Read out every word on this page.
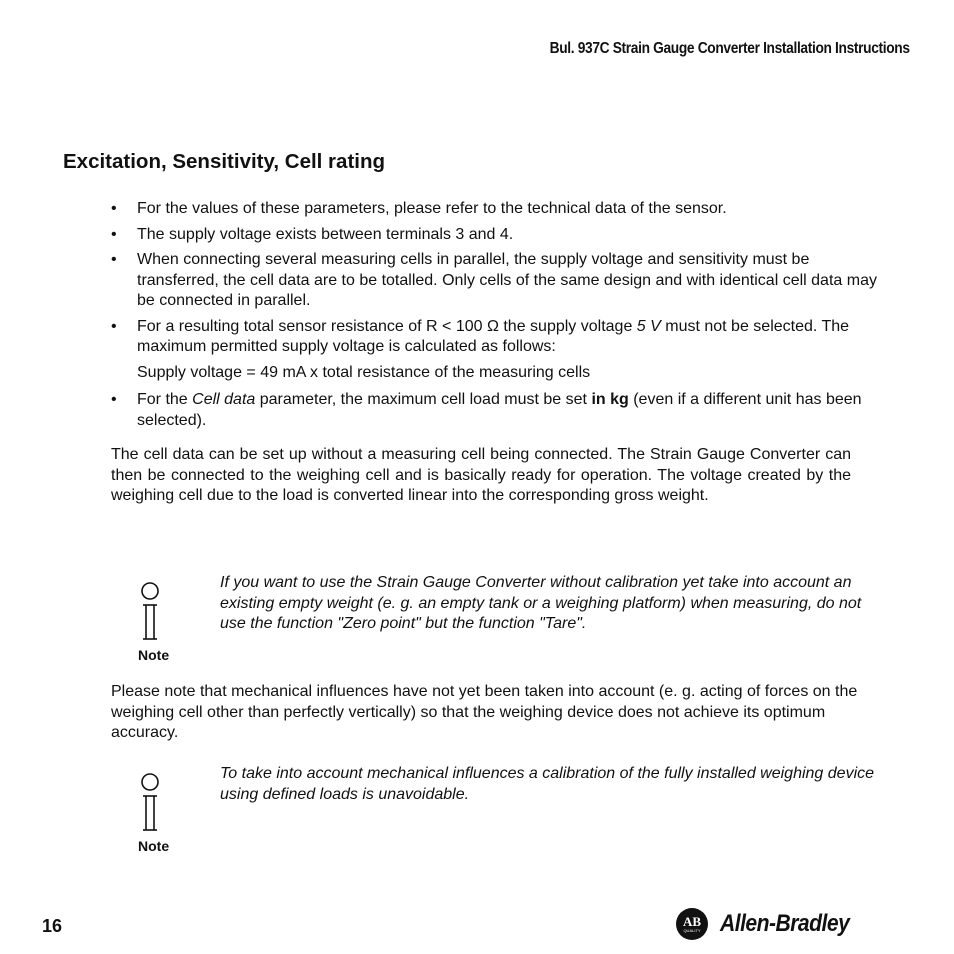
Bul. 937C Strain Gauge Converter Installation Instructions
Excitation, Sensitivity, Cell rating
• For the values of these parameters, please refer to the technical data of the sensor.
• The supply voltage exists between terminals 3 and 4.
• When connecting several measuring cells in parallel, the supply voltage and sensitivity must be transferred, the cell data are to be totalled. Only cells of the same design and with identical cell data may be connected in parallel.
• For a resulting total sensor resistance of R < 100 Ω the supply voltage 5 V must not be selected. The maximum permitted supply voltage is calculated as follows:
Supply voltage = 49 mA x total resistance of the measuring cells
• For the Cell data parameter, the maximum cell load must be set in kg (even if a different unit has been selected).

The cell data can be set up without a measuring cell being connected. The Strain Gauge Converter can then be connected to the weighing cell and is basically ready for operation. The voltage created by the weighing cell due to the load is converted linear into the corresponding gross weight.

Note

If you want to use the Strain Gauge Converter without calibration yet take into account an existing empty weight (e. g. an empty tank or a weighing platform) when measuring, do not use the function "Zero point" but the function "Tare".

Please note that mechanical influences have not yet been taken into account (e. g. acting of forces on the weighing cell other than perfectly vertically) so that the weighing device does not achieve its optimum accuracy.

Note

To take into account mechanical influences a calibration of the fully installed weighing device using defined loads is unavoidable.

16	AB
QUALITY Allen-Bradley
